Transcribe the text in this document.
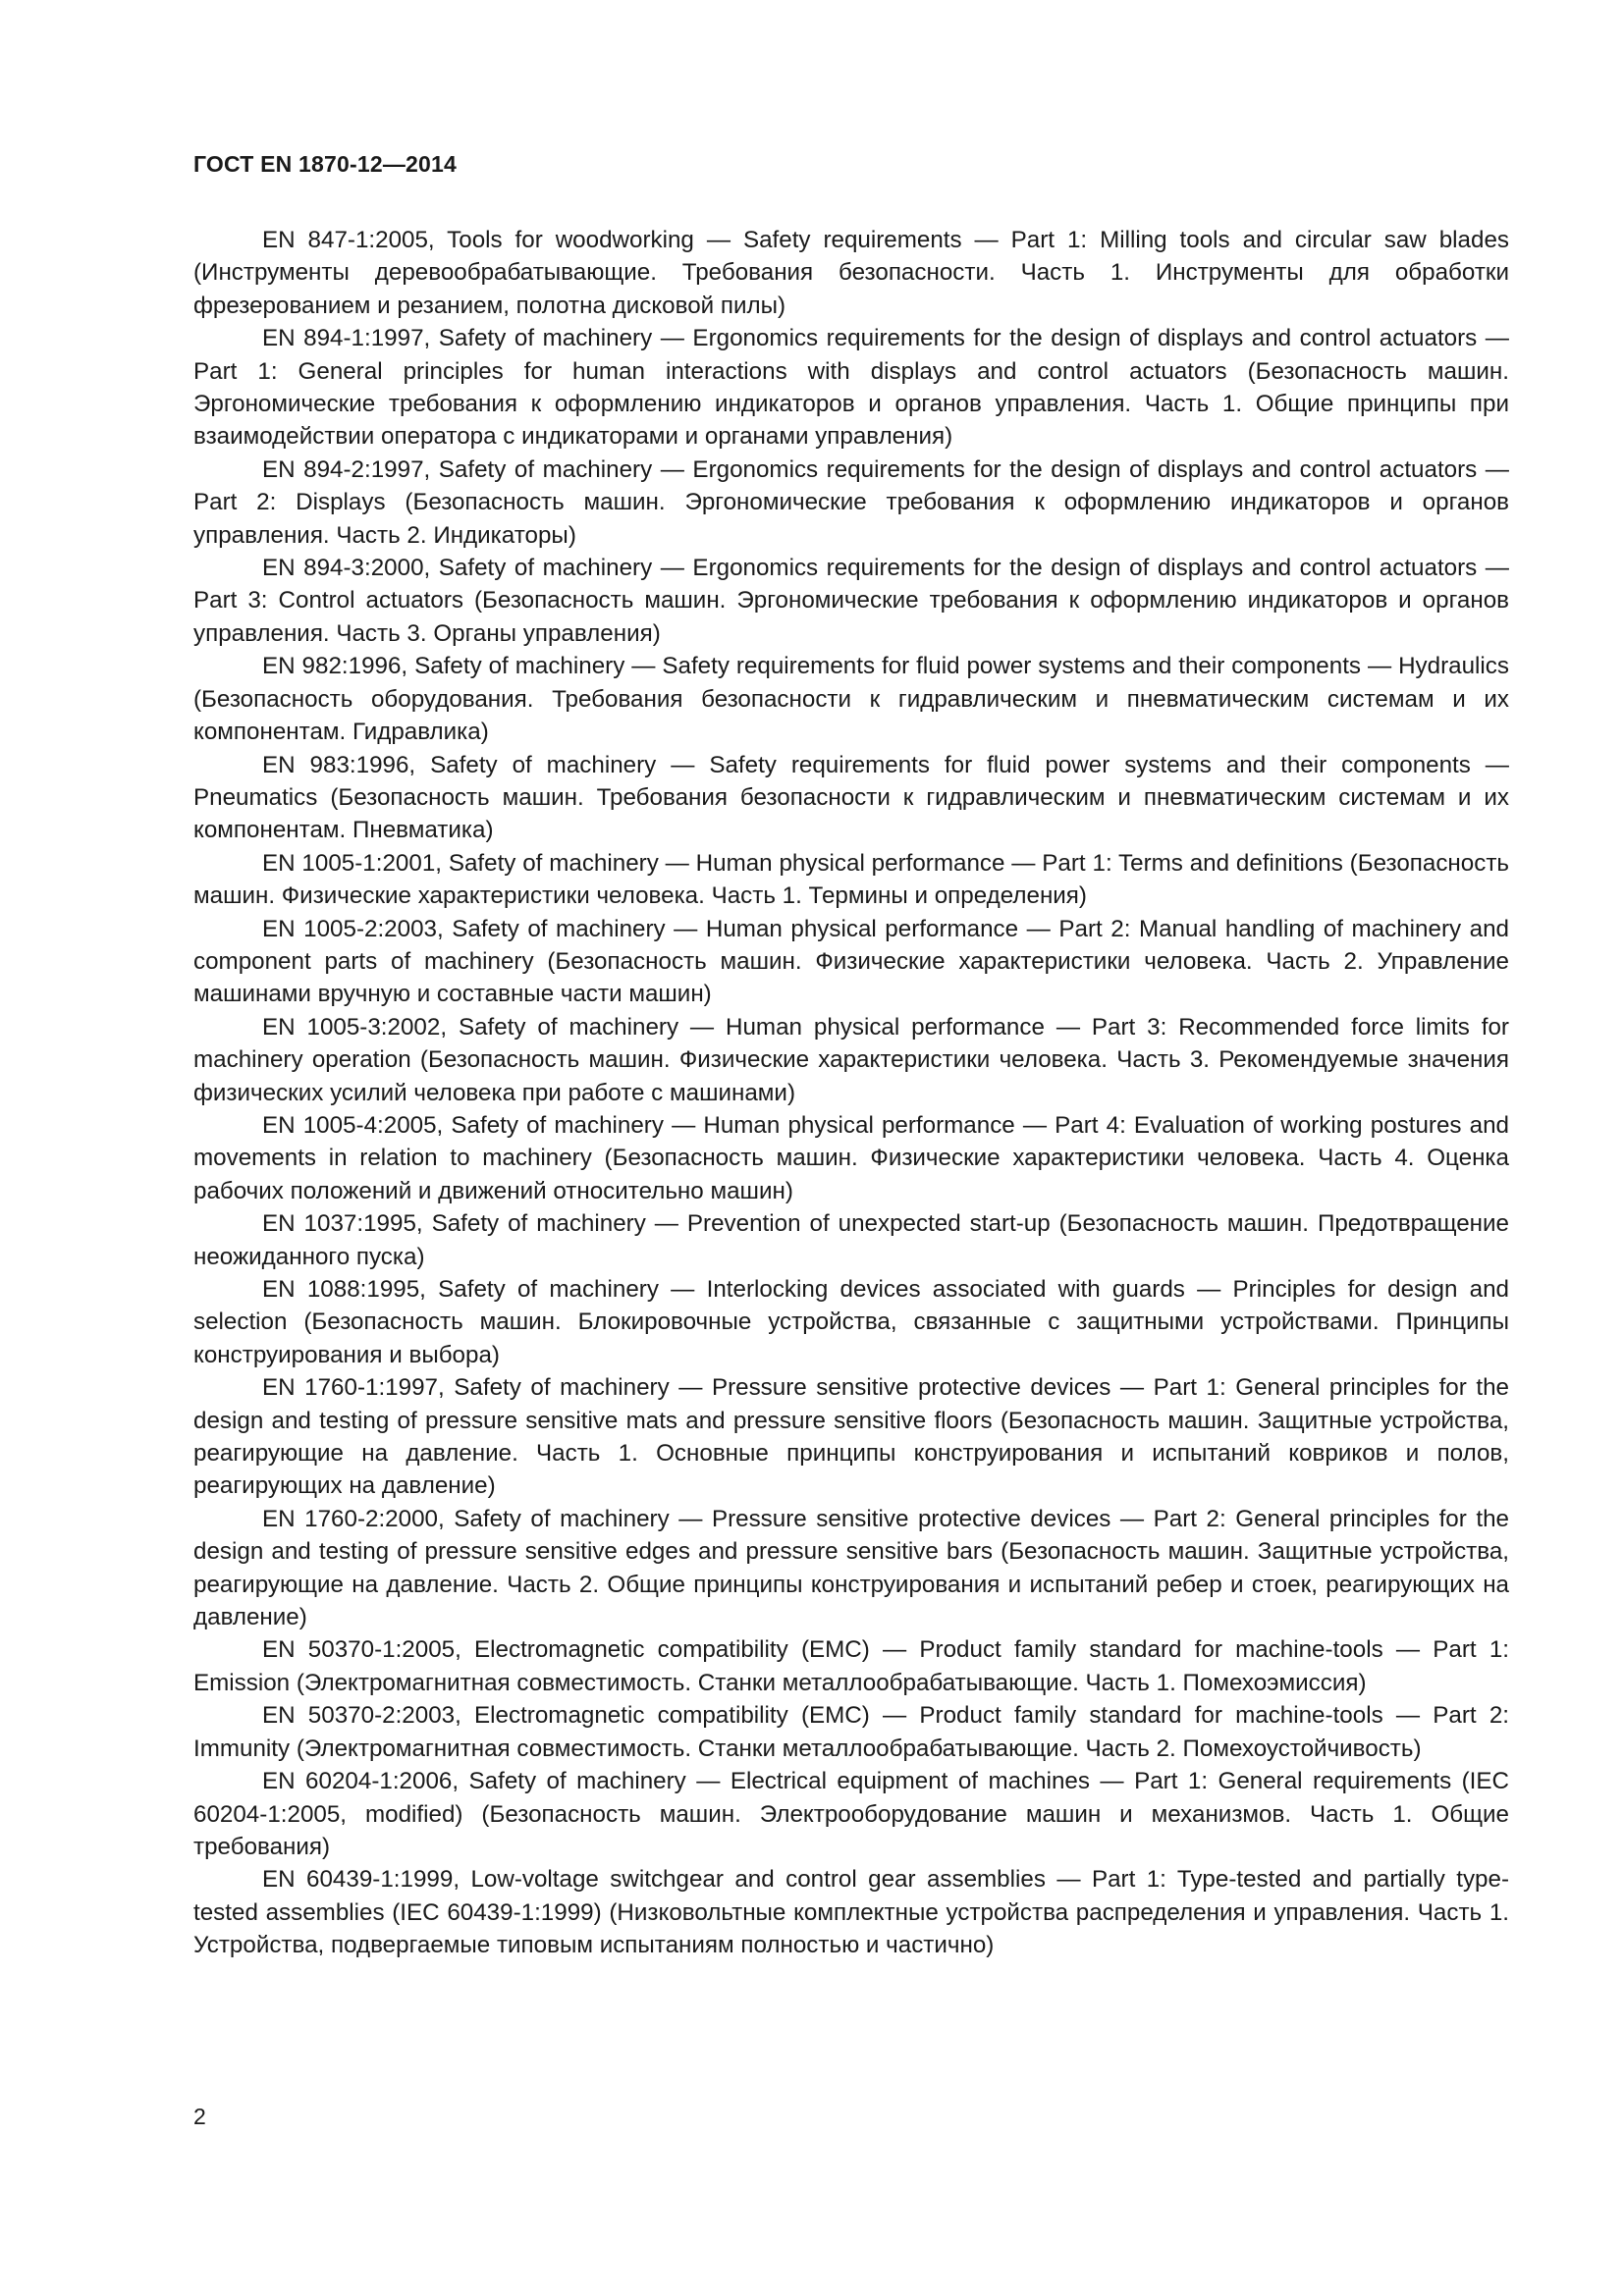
ГОСТ EN 1870-12—2014

EN 847-1:2005, Tools for woodworking — Safety requirements — Part 1: Milling tools and circular saw blades (Инструменты деревообрабатывающие. Требования безопасности. Часть 1. Инструменты для обработки фрезерованием и резанием, полотна дисковой пилы)

EN 894-1:1997, Safety of machinery — Ergonomics requirements for the design of displays and control actuators — Part 1: General principles for human interactions with displays and control actuators (Безопасность машин. Эргономические требования к оформлению индикаторов и органов управления. Часть 1. Общие принципы при взаимодействии оператора с индикаторами и органами управления)

EN 894-2:1997, Safety of machinery — Ergonomics requirements for the design of displays and control actuators — Part 2: Displays (Безопасность машин. Эргономические требования к оформлению индикаторов и органов управления. Часть 2. Индикаторы)

EN 894-3:2000, Safety of machinery — Ergonomics requirements for the design of displays and control actuators — Part 3: Control actuators (Безопасность машин. Эргономические требования к оформлению индикаторов и органов управления. Часть 3. Органы управления)

EN 982:1996, Safety of machinery — Safety requirements for fluid power systems and their components — Hydraulics (Безопасность оборудования. Требования безопасности к гидравлическим и пневматическим системам и их компонентам. Гидравлика)

EN 983:1996, Safety of machinery — Safety requirements for fluid power systems and their components — Pneumatics (Безопасность машин. Требования безопасности к гидравлическим и пневматическим системам и их компонентам. Пневматика)

EN 1005-1:2001, Safety of machinery — Human physical performance — Part 1: Terms and definitions (Безопасность машин. Физические характеристики человека. Часть 1. Термины и определения)

EN 1005-2:2003, Safety of machinery — Human physical performance — Part 2: Manual handling of machinery and component parts of machinery (Безопасность машин. Физические характеристики человека. Часть 2. Управление машинами вручную и составные части машин)

EN 1005-3:2002, Safety of machinery — Human physical performance — Part 3: Recommended force limits for machinery operation (Безопасность машин. Физические характеристики человека. Часть 3. Рекомендуемые значения физических усилий человека при работе с машинами)

EN 1005-4:2005, Safety of machinery — Human physical performance — Part 4: Evaluation of working postures and movements in relation to machinery (Безопасность машин. Физические характеристики человека. Часть 4. Оценка рабочих положений и движений относительно машин)

EN 1037:1995, Safety of machinery — Prevention of unexpected start-up (Безопасность машин. Предотвращение неожиданного пуска)

EN 1088:1995, Safety of machinery — Interlocking devices associated with guards — Principles for design and selection (Безопасность машин. Блокировочные устройства, связанные с защитными устройствами. Принципы конструирования и выбора)

EN 1760-1:1997, Safety of machinery — Pressure sensitive protective devices — Part 1: General principles for the design and testing of pressure sensitive mats and pressure sensitive floors (Безопасность машин. Защитные устройства, реагирующие на давление. Часть 1. Основные принципы конструирования и испытаний ковриков и полов, реагирующих на давление)

EN 1760-2:2000, Safety of machinery — Pressure sensitive protective devices — Part 2: General principles for the design and testing of pressure sensitive edges and pressure sensitive bars (Безопасность машин. Защитные устройства, реагирующие на давление. Часть 2. Общие принципы конструирования и испытаний ребер и стоек, реагирующих на давление)

EN 50370-1:2005, Electromagnetic compatibility (EMC) — Product family standard for machine-tools — Part 1: Emission (Электромагнитная совместимость. Станки металлообрабатывающие. Часть 1. Помехоэмиссия)

EN 50370-2:2003, Electromagnetic compatibility (EMC) — Product family standard for machine-tools — Part 2: Immunity (Электромагнитная совместимость. Станки металлообрабатывающие. Часть 2. Помехоустойчивость)

EN 60204-1:2006, Safety of machinery — Electrical equipment of machines — Part 1: General requirements (IEC 60204-1:2005, modified) (Безопасность машин. Электрооборудование машин и механизмов. Часть 1. Общие требования)

EN 60439-1:1999, Low-voltage switchgear and control gear assemblies — Part 1: Type-tested and partially type-tested assemblies (IEC 60439-1:1999) (Низковольтные комплектные устройства распределения и управления. Часть 1. Устройства, подвергаемые типовым испытаниям полностью и частично)

2
